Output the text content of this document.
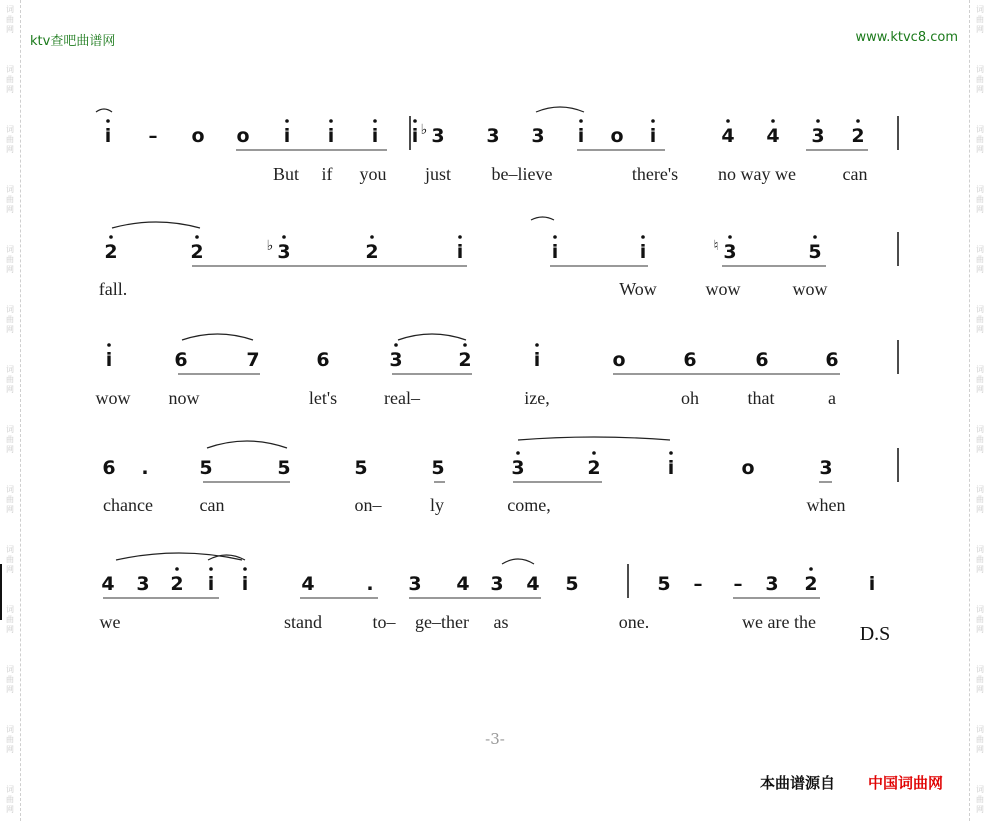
词
曲
网
词
曲
网
词
曲
网
词
曲
网
词
曲
网
词
曲
网
词
曲
网
词
曲
网
词
曲
网
词
曲
网
词
曲
网
词
曲
网
词
曲
网
词
曲
网
词
曲
网
词
曲
网
词
曲
网
词
曲
网
词
曲
网
词
曲
网
词
曲
网
词
曲
网
词
曲
网
词
曲
网
词
曲
网
词
曲
网
词
曲
网
词
曲
网
ktv查吧曲谱网	www.ktvc8.com
i – o o i i i i ♭ 3 3 3 i o i	4 4 3 2
But if you just be–lieve	there's no way we	can
2	2	♭ 3	2	i	i	i	♮ 3	5
fall.	Wow	wow	wow
i	6	7	6	3	2	i	o	6	6	6
wow now	let's	real–	ize,	oh	that	a
6 .	5	5	5	5	3	2	i	o	3
chance	can	on–	ly	come,	when
4 3 2 i i	4	. 3 4 3 4 5	5 – – 3 2	i
we	stand	to– ge–ther as	one.	we are the
D.S
-3-
本曲谱源自 中国词曲网
